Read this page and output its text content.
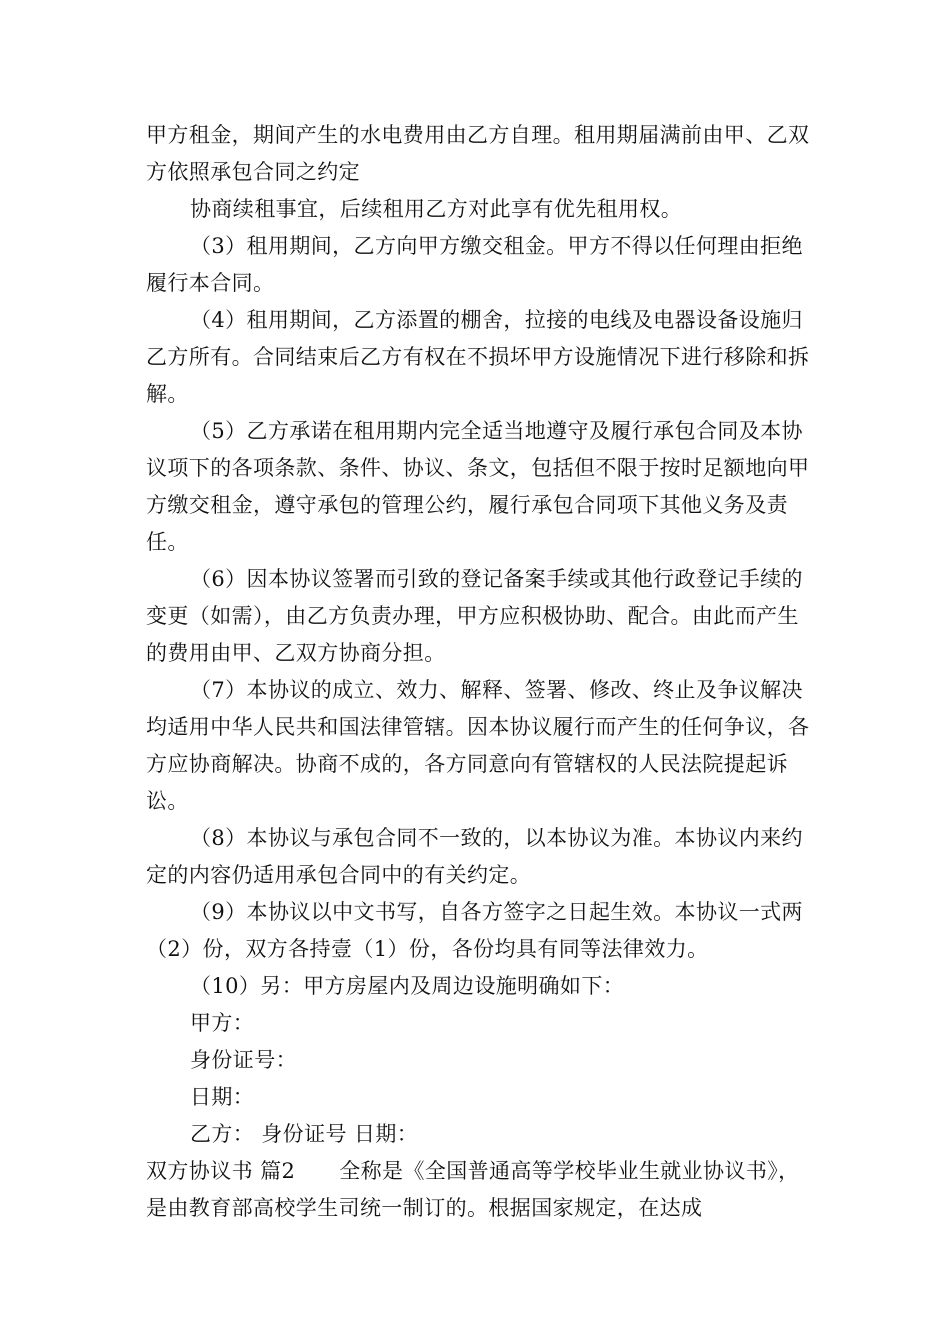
甲方租金，期间产生的水电费用由乙方自理。租用期届满前由甲、乙双方依照承包合同之约定

协商续租事宜，后续租用乙方对此享有优先租用权。

（3）租用期间，乙方向甲方缴交租金。甲方不得以任何理由拒绝履行本合同。

（4）租用期间，乙方添置的棚舍，拉接的电线及电器设备设施归乙方所有。合同结束后乙方有权在不损坏甲方设施情况下进行移除和拆解。

（5）乙方承诺在租用期内完全适当地遵守及履行承包合同及本协议项下的各项条款、条件、协议、条文，包括但不限于按时足额地向甲方缴交租金，遵守承包的管理公约，履行承包合同项下其他义务及责任。

（6）因本协议签署而引致的登记备案手续或其他行政登记手续的变更（如需），由乙方负责办理，甲方应积极协助、配合。由此而产生的费用由甲、乙双方协商分担。

（7）本协议的成立、效力、解释、签署、修改、终止及争议解决均适用中华人民共和国法律管辖。因本协议履行而产生的任何争议，各方应协商解决。协商不成的，各方同意向有管辖权的人民法院提起诉讼。

（8）本协议与承包合同不一致的，以本协议为准。本协议内来约定的内容仍适用承包合同中的有关约定。

（9）本协议以中文书写，自各方签字之日起生效。本协议一式两（2）份，双方各持壹（1）份，各份均具有同等法律效力。

（10）另：甲方房屋内及周边设施明确如下：

甲方：

身份证号：

日期：

乙方： 身份证号 日期：

双方协议书 篇2 全称是《全国普通高等学校毕业生就业协议书》，是由教育部高校学生司统一制订的。根据国家规定，在达成
